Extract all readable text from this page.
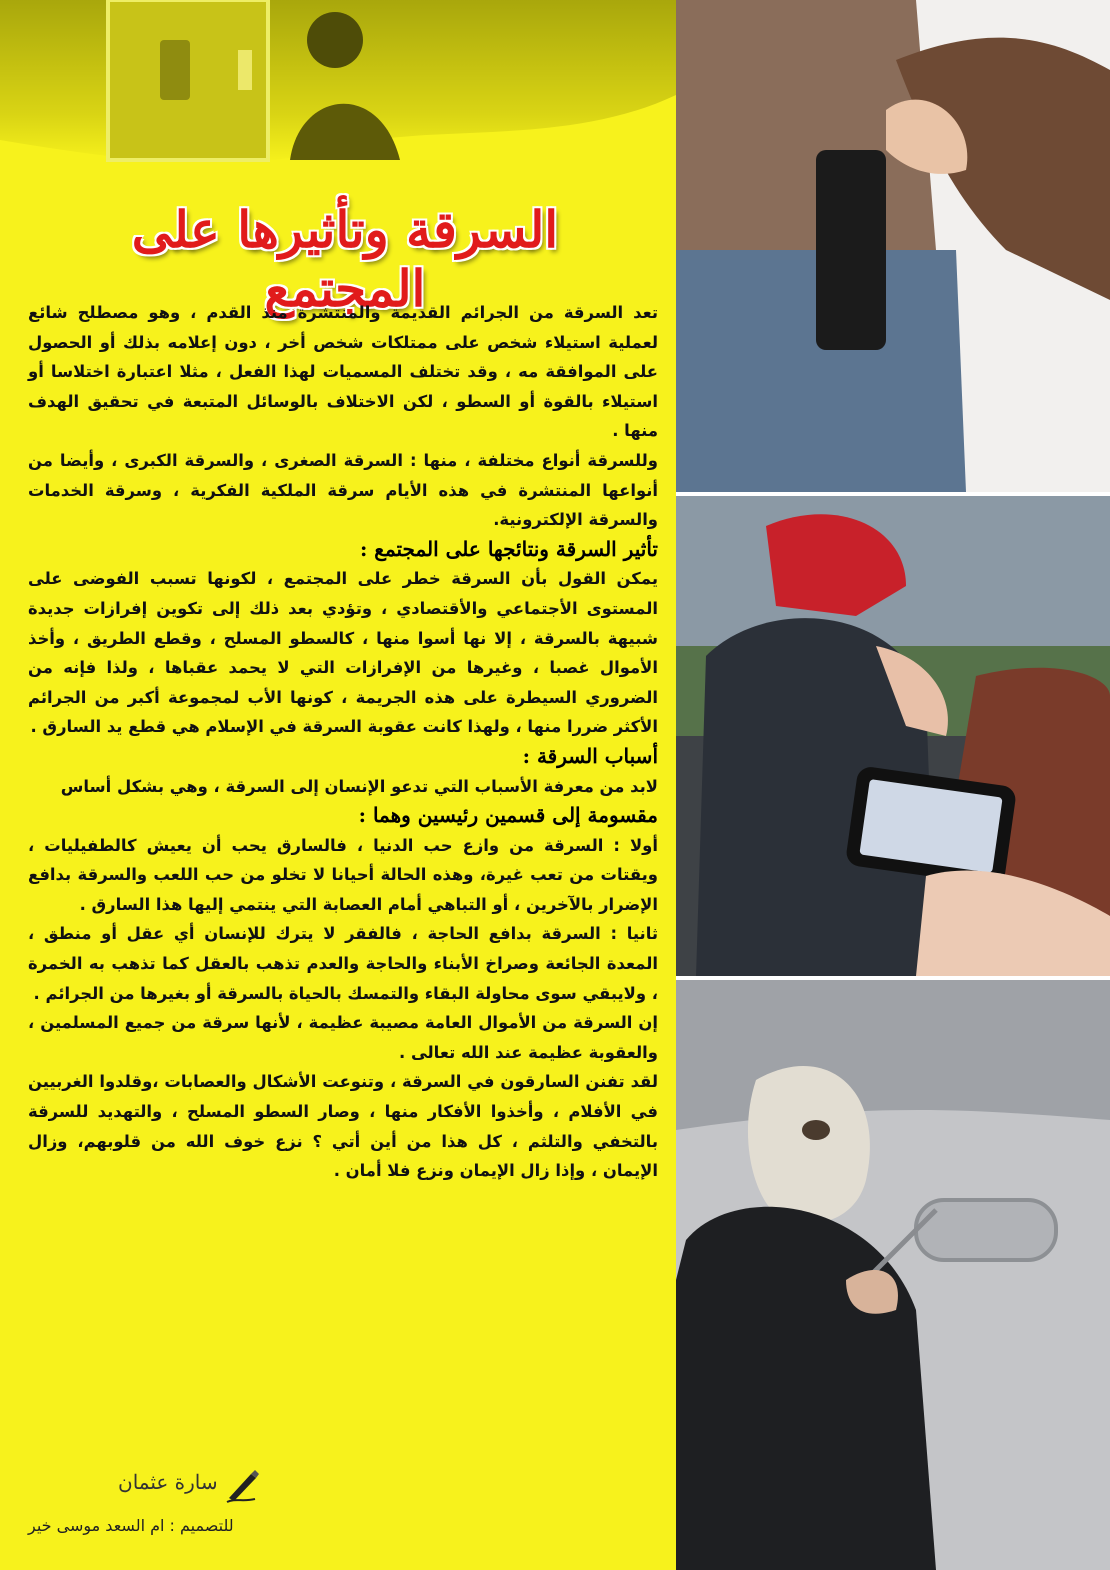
السرقة وتأثيرها على المجتمع

تعد السرقة من الجرائم القديمة والمنتشرة منذ القدم ، وهو مصطلح شائع لعملية استيلاء شخص على ممتلكات شخص أخر ، دون إعلامه بذلك أو الحصول على الموافقة مه ، وقد تختلف المسميات لهذا الفعل ، مثلا اعتبارة اختلاسا أو استيلاء بالقوة أو السطو ، لكن الاختلاف بالوسائل المتبعة في تحقيق الهدف منها .

وللسرقة أنواع مختلفة ، منها : السرقة الصغرى ، والسرقة الكبرى ، وأيضا من أنواعها المنتشرة في هذه الأيام سرقة الملكية الفكرية ، وسرقة الخدمات والسرقة الإلكترونية.

تأثير السرقة ونتائجها على المجتمع :

يمكن القول بأن السرقة خطر على المجتمع ، لكونها تسبب الفوضى على المستوى الأجتماعي والأقتصادي ، وتؤدي بعد ذلك إلى تكوين إفرازات جديدة شبيهة بالسرقة ، إلا نها أسوا منها ، كالسطو المسلح ، وقطع الطريق ، وأخذ الأموال غصبا ، وغيرها من الإفرازات التي لا يحمد عقباها ، ولذا فإنه من الضروري السيطرة على هذه الجريمة ، كونها الأب لمجموعة أكبر من الجرائم الأكثر ضررا منها ، ولهذا كانت عقوبة السرقة في الإسلام هي قطع يد السارق .

أسباب السرقة :

لابد من معرفة الأسباب التي تدعو الإنسان إلى السرقة ، وهي بشكل أساس

مقسومة إلى قسمين رئيسين وهما :

أولا : السرقة من وازع حب الدنيا ، فالسارق يحب أن يعيش كالطفيليات ، ويقتات من تعب غيرة، وهذه الحالة أحيانا لا تخلو من حب اللعب والسرقة بدافع الإضرار بالآخرين ، أو التباهي أمام العصابة التي ينتمي إليها هذا السارق .

ثانيا : السرقة بدافع الحاجة ، فالفقر لا يترك للإنسان أي عقل أو منطق ، المعدة الجائعة وصراخ الأبناء والحاجة والعدم تذهب بالعقل كما تذهب به الخمرة ، ولايبقي سوى محاولة البقاء والتمسك بالحياة بالسرقة أو بغيرها من الجرائم .

إن السرقة من الأموال العامة مصيبة عظيمة ، لأنها سرقة من جميع المسلمين ، والعقوبة عظيمة عند الله تعالى .

لقد تفنن السارقون في السرقة ، وتنوعت الأشكال والعصابات ،وقلدوا الغربيين في الأفلام ، وأخذوا الأفكار منها ، وصار السطو المسلح ، والتهديد للسرقة بالتخفي والتلثم ، كل هذا من أين أتي ؟ نزع خوف الله من قلوبهم، وزال الإيمان ، وإذا زال الإيمان ونزع فلا أمان .

سارة عثمان
للتصميم : ام السعد موسى خير
